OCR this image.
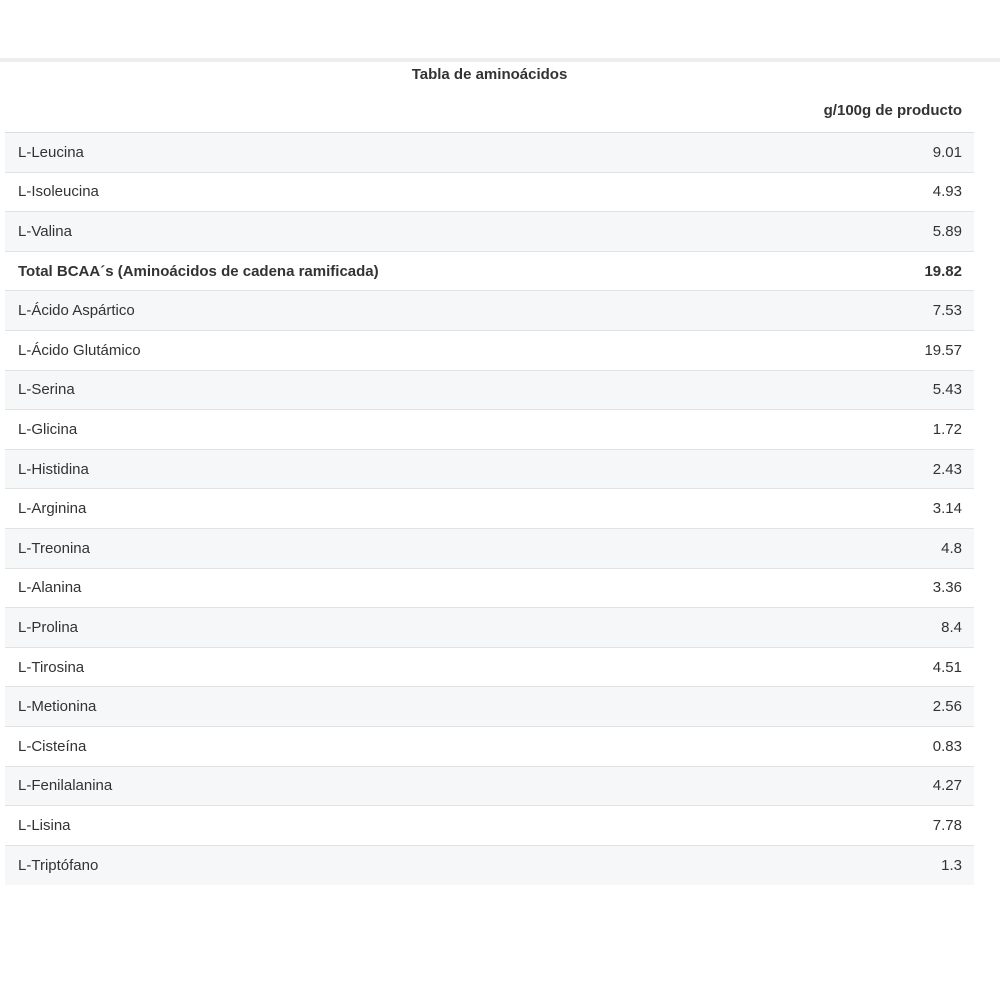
Tabla de aminoácidos
g/100g de producto
L-Leucina	9.01
L-Isoleucina	4.93
L-Valina	5.89
Total BCAA´s (Aminoácidos de cadena ramificada)	19.82
L-Ácido Aspártico	7.53
L-Ácido Glutámico	19.57
L-Serina	5.43
L-Glicina	1.72
L-Histidina	2.43
L-Arginina	3.14
L-Treonina	4.8
L-Alanina	3.36
L-Prolina	8.4
L-Tirosina	4.51
L-Metionina	2.56
L-Cisteína	0.83
L-Fenilalanina	4.27
L-Lisina	7.78
L-Triptófano	1.3
